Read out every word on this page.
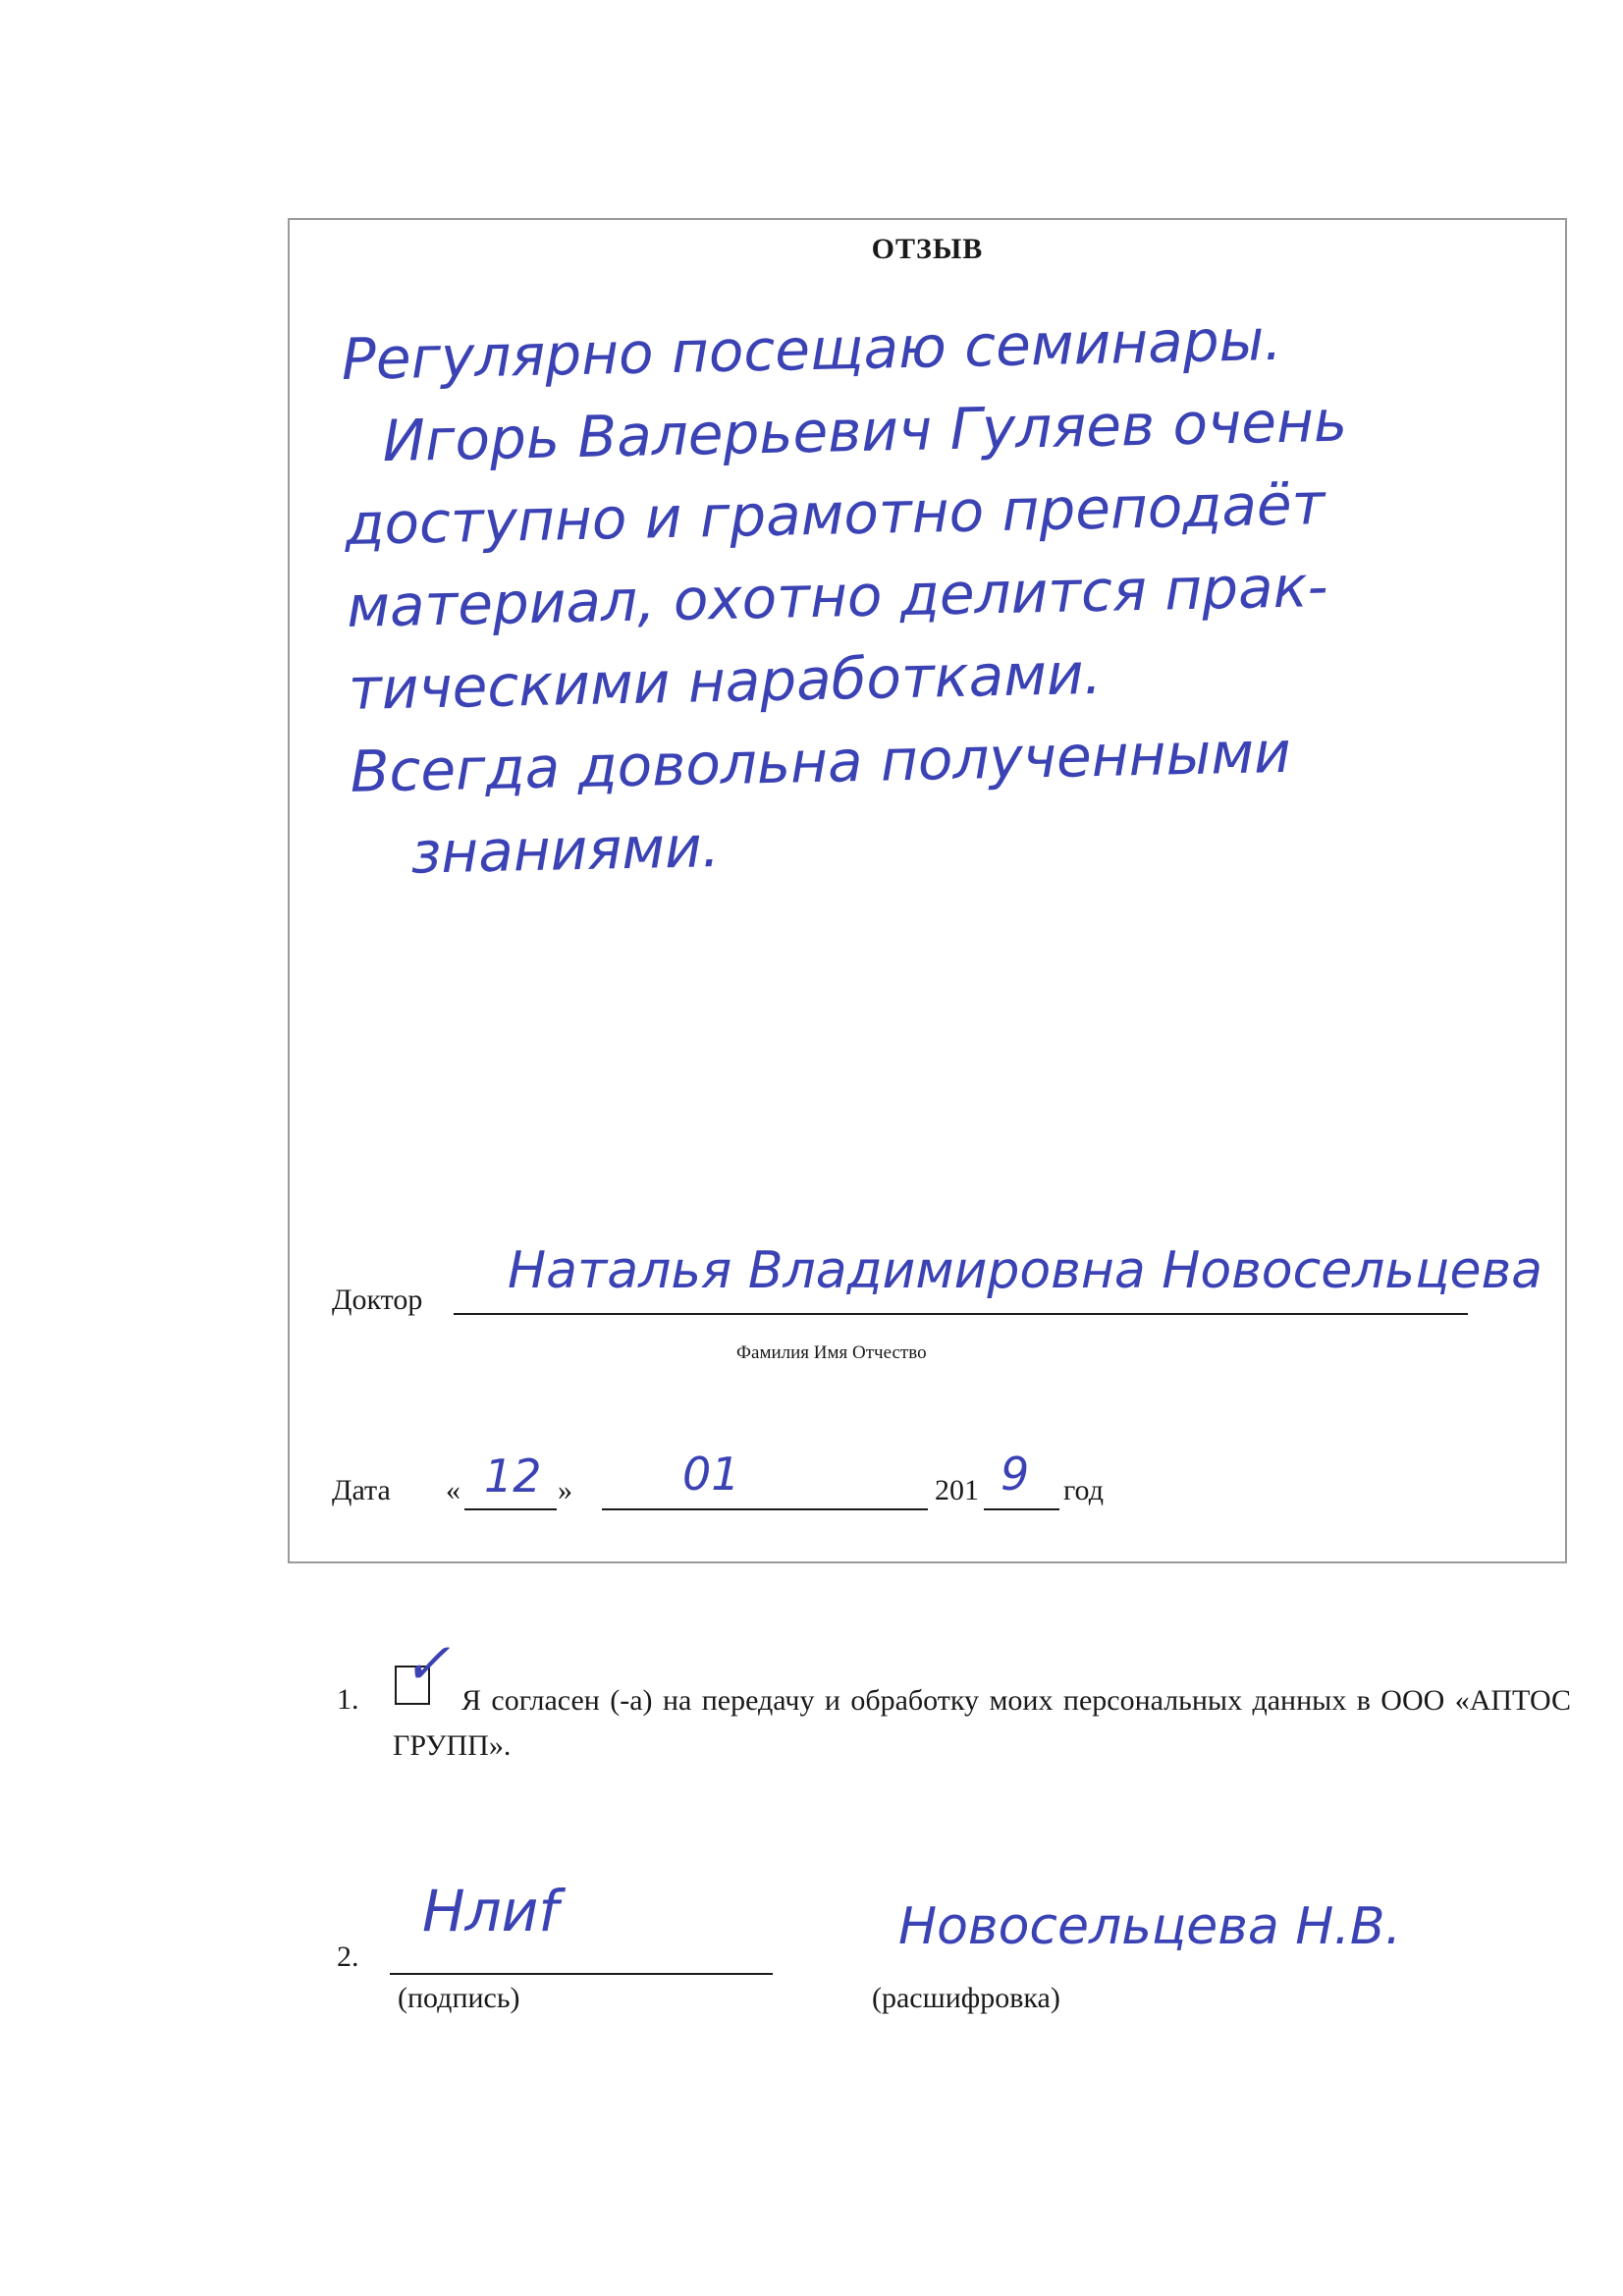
ОТЗЫВ
Регулярно посещаю семинары.
Игорь Валерьевич Гуляев очень
доступно и грамотно преподаёт
материал, охотно делится прак-
тическими наработками.
Всегда довольна полученными
знаниями.
Доктор Наталья Владимировна Новосельцева
Фамилия Имя Отчество
Дата « 12 » 01	201 9 год
1.
✓
Я согласен (-а) на передачу и обработку моих персональных данных в ООО «АПТОС ГРУПП».
2.
Нлиf
(подпись)
Новосельцева Н.В.
(расшифровка)
